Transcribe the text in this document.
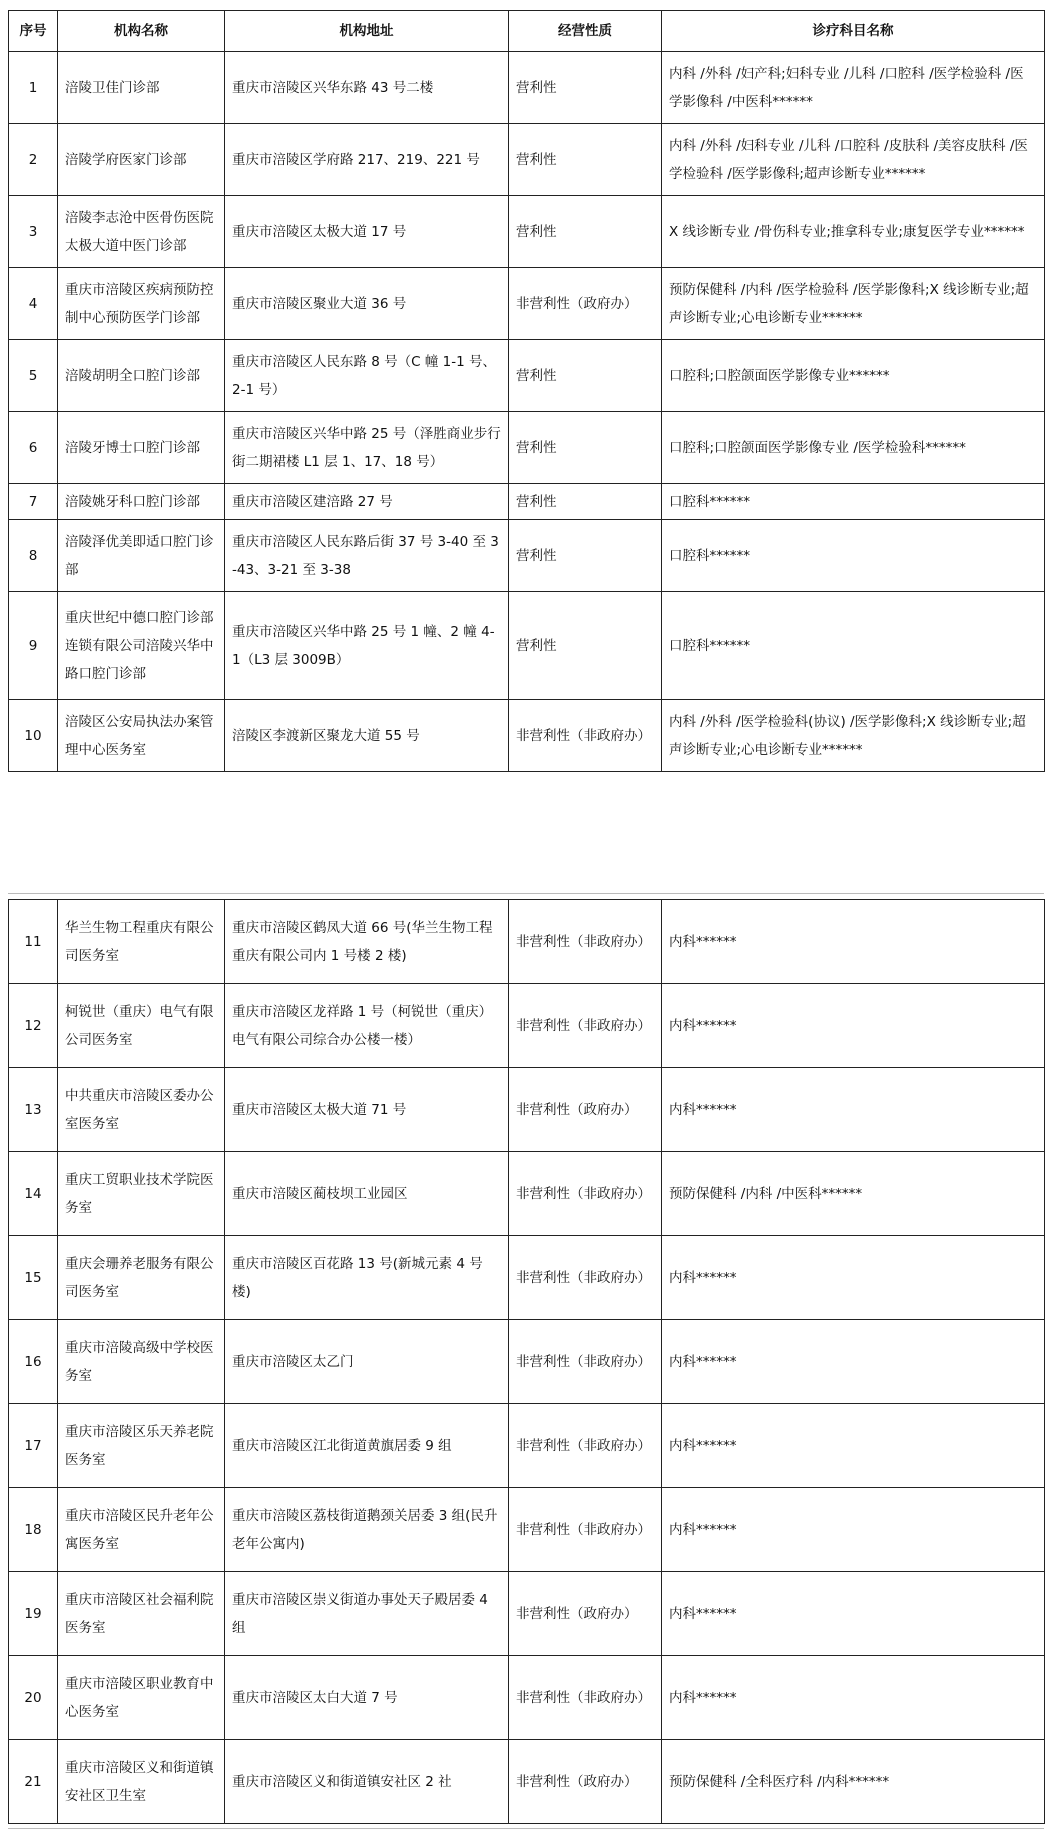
序号	机构名称	机构地址	经营性质	诊疗科目名称
1	涪陵卫佳门诊部	重庆市涪陵区兴华东路 43 号二楼	营利性	内科 /外科 /妇产科;妇科专业 /儿科 /口腔科 /医学检验科 /医学影像科 /中医科******
2	涪陵学府医家门诊部	重庆市涪陵区学府路 217、219、221 号	营利性	内科 /外科 /妇科专业 /儿科 /口腔科 /皮肤科 /美容皮肤科 /医学检验科 /医学影像科;超声诊断专业******
3	涪陵李志沧中医骨伤医院太极大道中医门诊部	重庆市涪陵区太极大道 17 号	营利性	X 线诊断专业 /骨伤科专业;推拿科专业;康复医学专业******
4	重庆市涪陵区疾病预防控制中心预防医学门诊部	重庆市涪陵区聚业大道 36 号	非营利性（政府办）	预防保健科 /内科 /医学检验科 /医学影像科;X 线诊断专业;超声诊断专业;心电诊断专业******
5	涪陵胡明全口腔门诊部	重庆市涪陵区人民东路 8 号（C 幢 1-1 号、2-1 号）	营利性	口腔科;口腔颌面医学影像专业******
6	涪陵牙博士口腔门诊部	重庆市涪陵区兴华中路 25 号（泽胜商业步行街二期裙楼 L1 层 1、17、18 号）	营利性	口腔科;口腔颌面医学影像专业 /医学检验科******
7	涪陵姚牙科口腔门诊部	重庆市涪陵区建涪路 27 号	营利性	口腔科******
8	涪陵泽优美即适口腔门诊部	重庆市涪陵区人民东路后街 37 号 3-40 至 3-43、3-21 至 3-38	营利性	口腔科******
9	重庆世纪中德口腔门诊部连锁有限公司涪陵兴华中路口腔门诊部	重庆市涪陵区兴华中路 25 号 1 幢、2 幢 4-1（L3 层 3009B）	营利性	口腔科******
10	涪陵区公安局执法办案管理中心医务室	涪陵区李渡新区聚龙大道 55 号	非营利性（非政府办）	内科 /外科 /医学检验科(协议) /医学影像科;X 线诊断专业;超声诊断专业;心电诊断专业******
11	华兰生物工程重庆有限公司医务室	重庆市涪陵区鹤凤大道 66 号(华兰生物工程重庆有限公司内 1 号楼 2 楼)	非营利性（非政府办）	内科******
12	柯锐世（重庆）电气有限公司医务室	重庆市涪陵区龙祥路 1 号（柯锐世（重庆）电气有限公司综合办公楼一楼）	非营利性（非政府办）	内科******
13	中共重庆市涪陵区委办公室医务室	重庆市涪陵区太极大道 71 号	非营利性（政府办）	内科******
14	重庆工贸职业技术学院医务室	重庆市涪陵区蔺枝坝工业园区	非营利性（非政府办）	预防保健科 /内科 /中医科******
15	重庆会珊养老服务有限公司医务室	重庆市涪陵区百花路 13 号(新城元素 4 号楼)	非营利性（非政府办）	内科******
16	重庆市涪陵高级中学校医务室	重庆市涪陵区太乙门	非营利性（非政府办）	内科******
17	重庆市涪陵区乐天养老院医务室	重庆市涪陵区江北街道黄旗居委 9 组	非营利性（非政府办）	内科******
18	重庆市涪陵区民升老年公寓医务室	重庆市涪陵区荔枝街道鹅颈关居委 3 组(民升老年公寓内)	非营利性（非政府办）	内科******
19	重庆市涪陵区社会福利院医务室	重庆市涪陵区崇义街道办事处天子殿居委 4 组	非营利性（政府办）	内科******
20	重庆市涪陵区职业教育中心医务室	重庆市涪陵区太白大道 7 号	非营利性（非政府办）	内科******
21	重庆市涪陵区义和街道镇安社区卫生室	重庆市涪陵区义和街道镇安社区 2 社	非营利性（政府办）	预防保健科 /全科医疗科 /内科******
